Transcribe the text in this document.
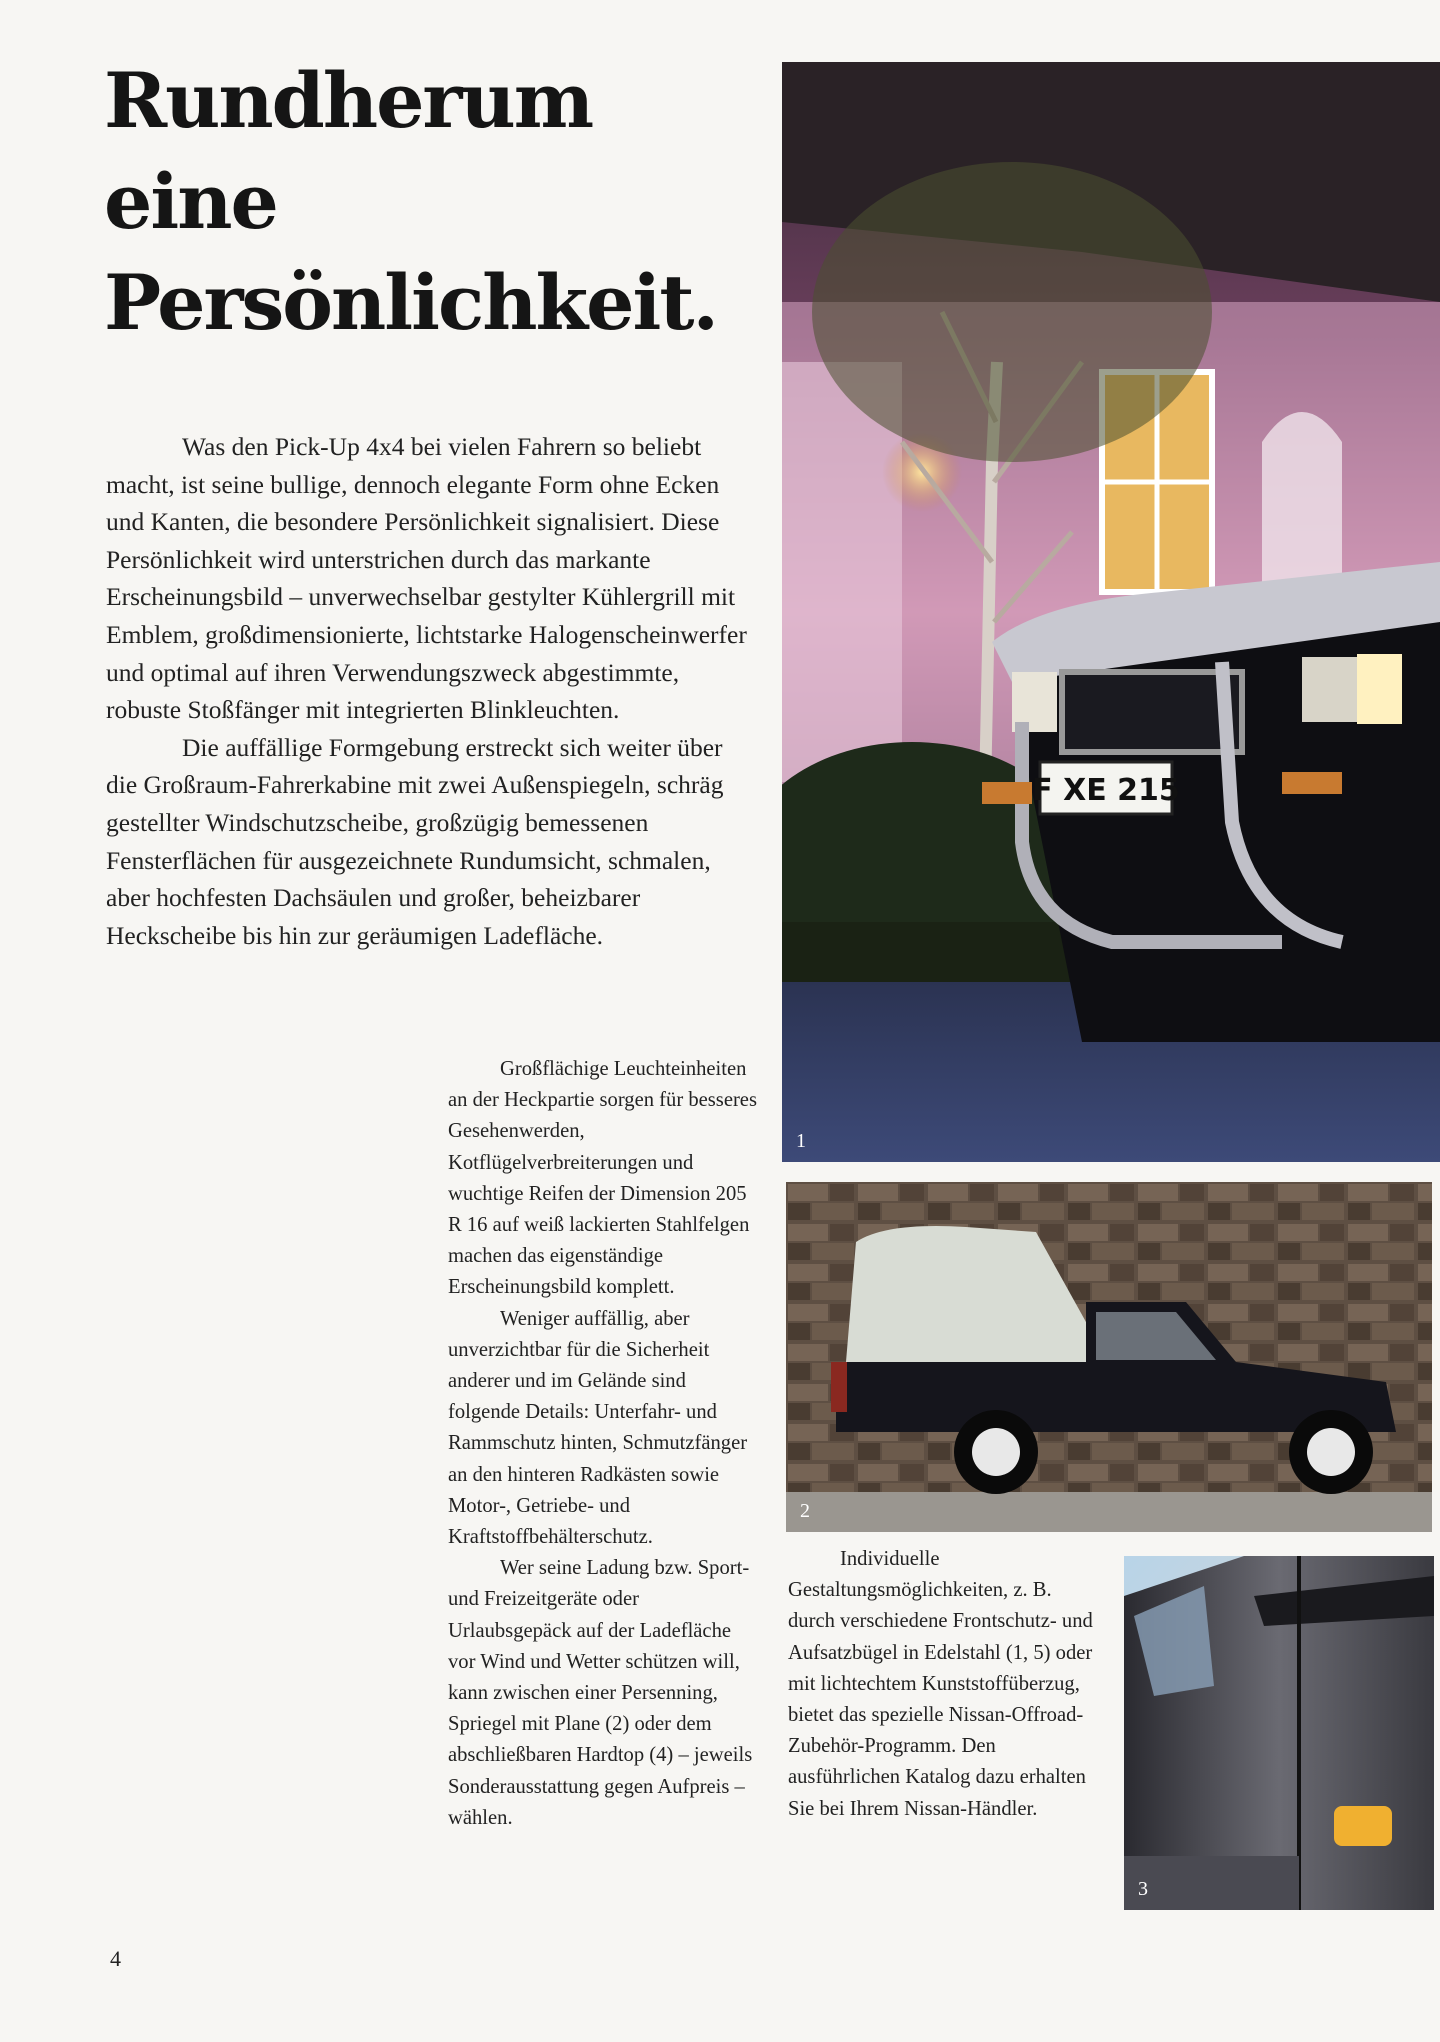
Rundherum eine
Persönlichkeit.

Was den Pick-Up 4x4 bei vielen Fahrern so beliebt macht, ist seine bullige, dennoch elegante Form ohne Ecken und Kanten, die besondere Persönlichkeit signalisiert. Diese Persönlichkeit wird unterstrichen durch das markante Erscheinungsbild – unverwechselbar gestylter Kühlergrill mit Emblem, großdimensionierte, lichtstarke Halogenscheinwerfer und optimal auf ihren Verwendungszweck abgestimmte, robuste Stoßfänger mit integrierten Blinkleuchten.

Die auffällige Formgebung erstreckt sich weiter über die Großraum-Fahrerkabine mit zwei Außenspiegeln, schräg gestellter Windschutzscheibe, großzügig bemessenen Fensterflächen für ausgezeichnete Rundumsicht, schmalen, aber hochfesten Dachsäulen und großer, beheizbarer Heckscheibe bis hin zur geräumigen Ladefläche.

Großflächige Leuchteinheiten an der Heckpartie sorgen für besseres Gesehenwerden, Kotflügelverbreiterungen und wuchtige Reifen der Dimension 205 R 16 auf weiß lackierten Stahlfelgen machen das eigenständige Erscheinungsbild komplett.

Weniger auffällig, aber unverzichtbar für die Sicherheit anderer und im Gelände sind folgende Details: Unterfahr- und Rammschutz hinten, Schmutzfänger an den hinteren Radkästen sowie Motor-, Getriebe- und Kraftstoffbehälterschutz.

Wer seine Ladung bzw. Sport- und Freizeitgeräte oder Urlaubsgepäck auf der Ladefläche vor Wind und Wetter schützen will, kann zwischen einer Persenning, Spriegel mit Plane (2) oder dem abschließbaren Hardtop (4) – jeweils Sonderausstattung gegen Aufpreis – wählen.

Individuelle Gestaltungsmöglichkeiten, z. B. durch verschiedene Frontschutz- und Aufsatzbügel in Edelstahl (1, 5) oder mit lichtechtem Kunststoffüberzug, bietet das spezielle Nissan-Offroad-Zubehör-Programm. Den ausführlichen Katalog dazu erhalten Sie bei Ihrem Nissan-Händler.

F XE 215
1
2
3
4
